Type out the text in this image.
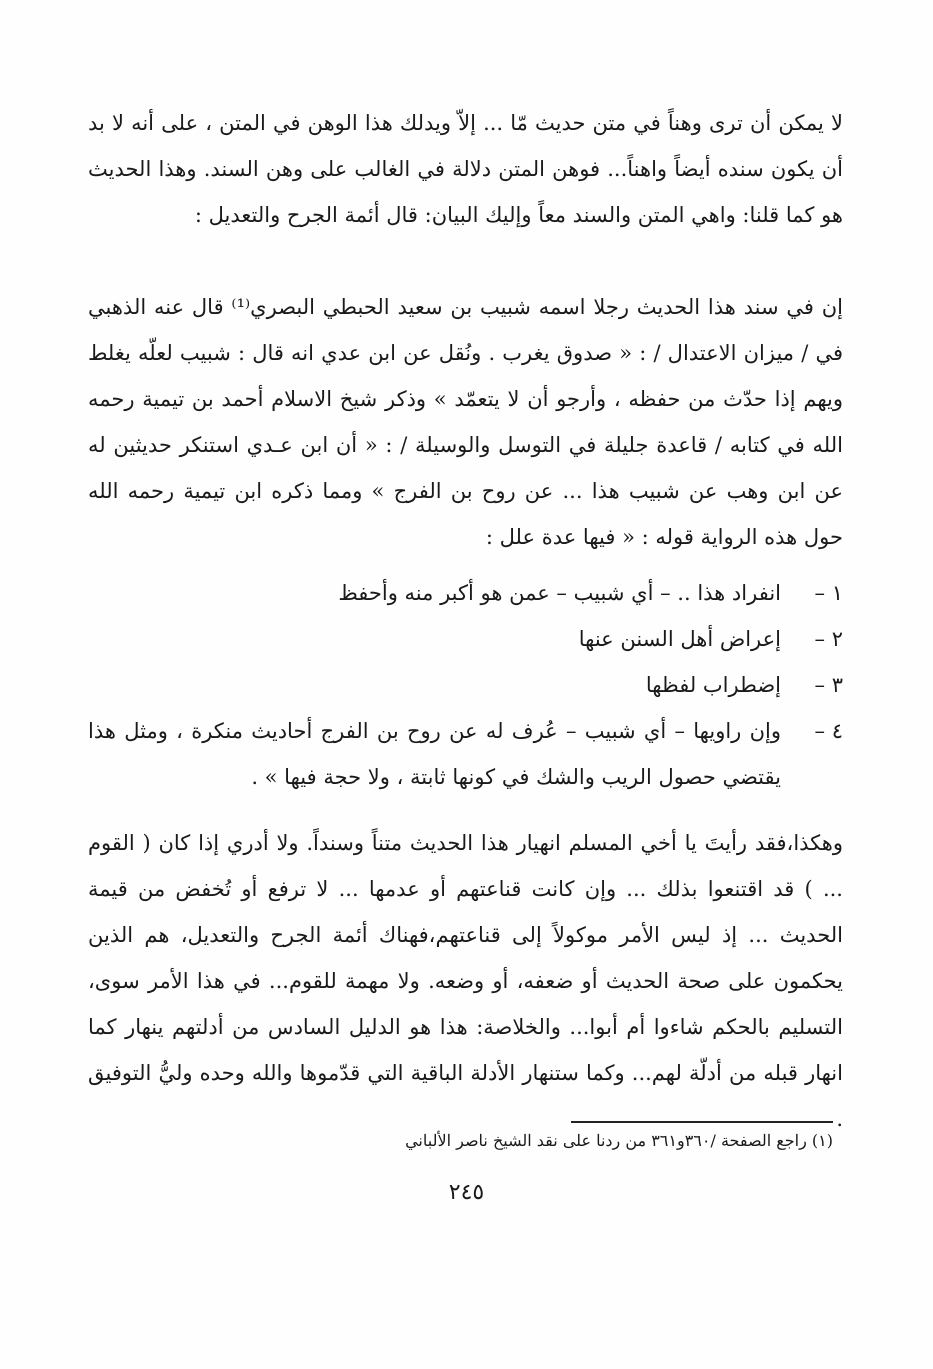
لا يمكن أن ترى وهناً في متن حديث مّا ... إلاّ ويدلك هذا الوهن في المتن ، على أنه لا بد أن يكون سنده أيضاً واهناً... فوهن المتن دلالة في الغالب على وهن السند. وهذا الحديث هو كما قلنا: واهي المتن والسند معاً وإليك البيان: قال أئمة الجرح والتعديل :

إن في سند هذا الحديث رجلا اسمه شبيب بن سعيد الحبطي البصري⁽¹⁾ قال عنه الذهبي في / ميزان الاعتدال / : « صدوق يغرب . ونُقل عن ابن عدي انه قال : شبيب لعلّه يغلط ويهم إذا حدّث من حفظه ، وأرجو أن لا يتعمّد » وذكر شيخ الاسلام أحمد بن تيمية رحمه الله في كتابه / قاعدة جليلة في التوسل والوسيلة / : « أن ابن عـدي استنكر حديثين له عن ابن وهب عن شبيب هذا ... عن روح بن الفرج » ومما ذكره ابن تيمية رحمه الله حول هذه الرواية قوله : « فيها عدة علل :

١ –
انفراد هذا .. – أي شبيب – عمن هو أكبر منه وأحفظ
٢ –
إعراض أهل السنن عنها
٣ –
إضطراب لفظها
٤ –
وإن راويها – أي شبيب – عُرف له عن روح بن الفرج أحاديث منكرة ، ومثل هذا يقتضي حصول الريب والشك في كونها ثابتة ، ولا حجة فيها » .

وهكذا،فقد رأيتَ يا أخي المسلم انهيار هذا الحديث متناً وسنداً. ولا أدري إذا كان ( القوم ... ) قد اقتنعوا بذلك ... وإن كانت قناعتهم أو عدمها ... لا ترفع أو تُخفض من قيمة الحديث ... إذ ليس الأمر موكولاً إلى قناعتهم،فهناك أئمة الجرح والتعديل، هم الذين يحكمون على صحة الحديث أو ضعفه، أو وضعه. ولا مهمة للقوم... في هذا الأمر سوى، التسليم بالحكم شاءوا أم أبوا... والخلاصة: هذا هو الدليل السادس من أدلتهم ينهار كما انهار قبله من أدلّة لهم... وكما ستنهار الأدلة الباقية التي قدّموها والله وحده وليُّ التوفيق .

(١) راجع الصفحة /٣٦٠و٣٦١ من ردنا على نقد الشيخ ناصر الألباني
٢٤٥
